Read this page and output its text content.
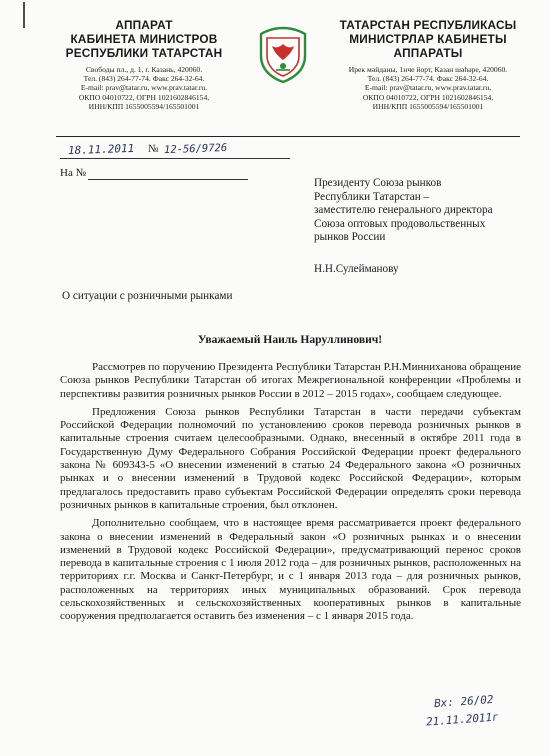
АППАРАТ
КАБИНЕТА МИНИСТРОВ
РЕСПУБЛИКИ ТАТАРСТАН
Свободы пл., д. 1, г. Казань, 420060.
Тел. (843) 264-77-74. Факс 264-32-64.
E-mail: prav@tatar.ru, www.prav.tatar.ru.
ОКПО 04010722, ОГРН 1021602846154,
ИНН/КПП 1655005594/165501001
ТАТАРСТАН РЕСПУБЛИКАСЫ
МИНИСТРЛАР КАБИНЕТЫ
АППАРАТЫ
Ирек мәйданы, 1нче йорт, Казан шәһәре, 420060.
Тел. (843) 264-77-74. Факс 264-32-64.
E-mail: prav@tatar.ru, www.prav.tatar.ru,
ОКПО 04010722, ОГРН 1021602846154,
ИНН/КПП 1655005594/165501001
18.11.2011 № 12-56/9726
На №
Президенту Союза рынков
Республики Татарстан –
заместителю генерального директора
Союза оптовых продовольственных
рынков России
Н.Н.Сулейманову
О ситуации с розничными рынками
Уважаемый Наиль Наруллинович!

Рассмотрев по поручению Президента Республики Татарстан Р.Н.Минниханова обращение Союза рынков Республики Татарстан об итогах Межрегиональной конференции «Проблемы и перспективы развития розничных рынков России в 2012 – 2015 годах», сообщаем следующее.

Предложения Союза рынков Республики Татарстан в части передачи субъектам Российской Федерации полномочий по установлению сроков перевода розничных рынков в капитальные строения считаем целесообразными. Однако, внесенный в октябре 2011 года в Государственную Думу Федерального Собрания Российской Федерации проект федерального закона № 609343-5 «О внесении изменений в статью 24 Федерального закона «О розничных рынках и о внесении изменений в Трудовой кодекс Российской Федерации», которым предлагалось предоставить право субъектам Российской Федерации определять сроки перевода розничных рынков в капитальные строения, был отклонен.

Дополнительно сообщаем, что в настоящее время рассматривается проект федерального закона о внесении изменений в Федеральный закон «О розничных рынках и о внесении изменений в Трудовой кодекс Российской Федерации», предусматривающий перенос сроков перевода в капитальные строения с 1 июля 2012 года – для розничных рынков, расположенных на территориях г.г. Москва и Санкт-Петербург, и с 1 января 2013 года – для розничных рынков, расположенных на территориях иных муниципальных образований. Срок перевода сельскохозяйственных и сельскохозяйственных кооперативных рынков в капитальные сооружения предполагается оставить без изменения – с 1 января 2015 года.

Вх: 26/02
21.11.2011г
